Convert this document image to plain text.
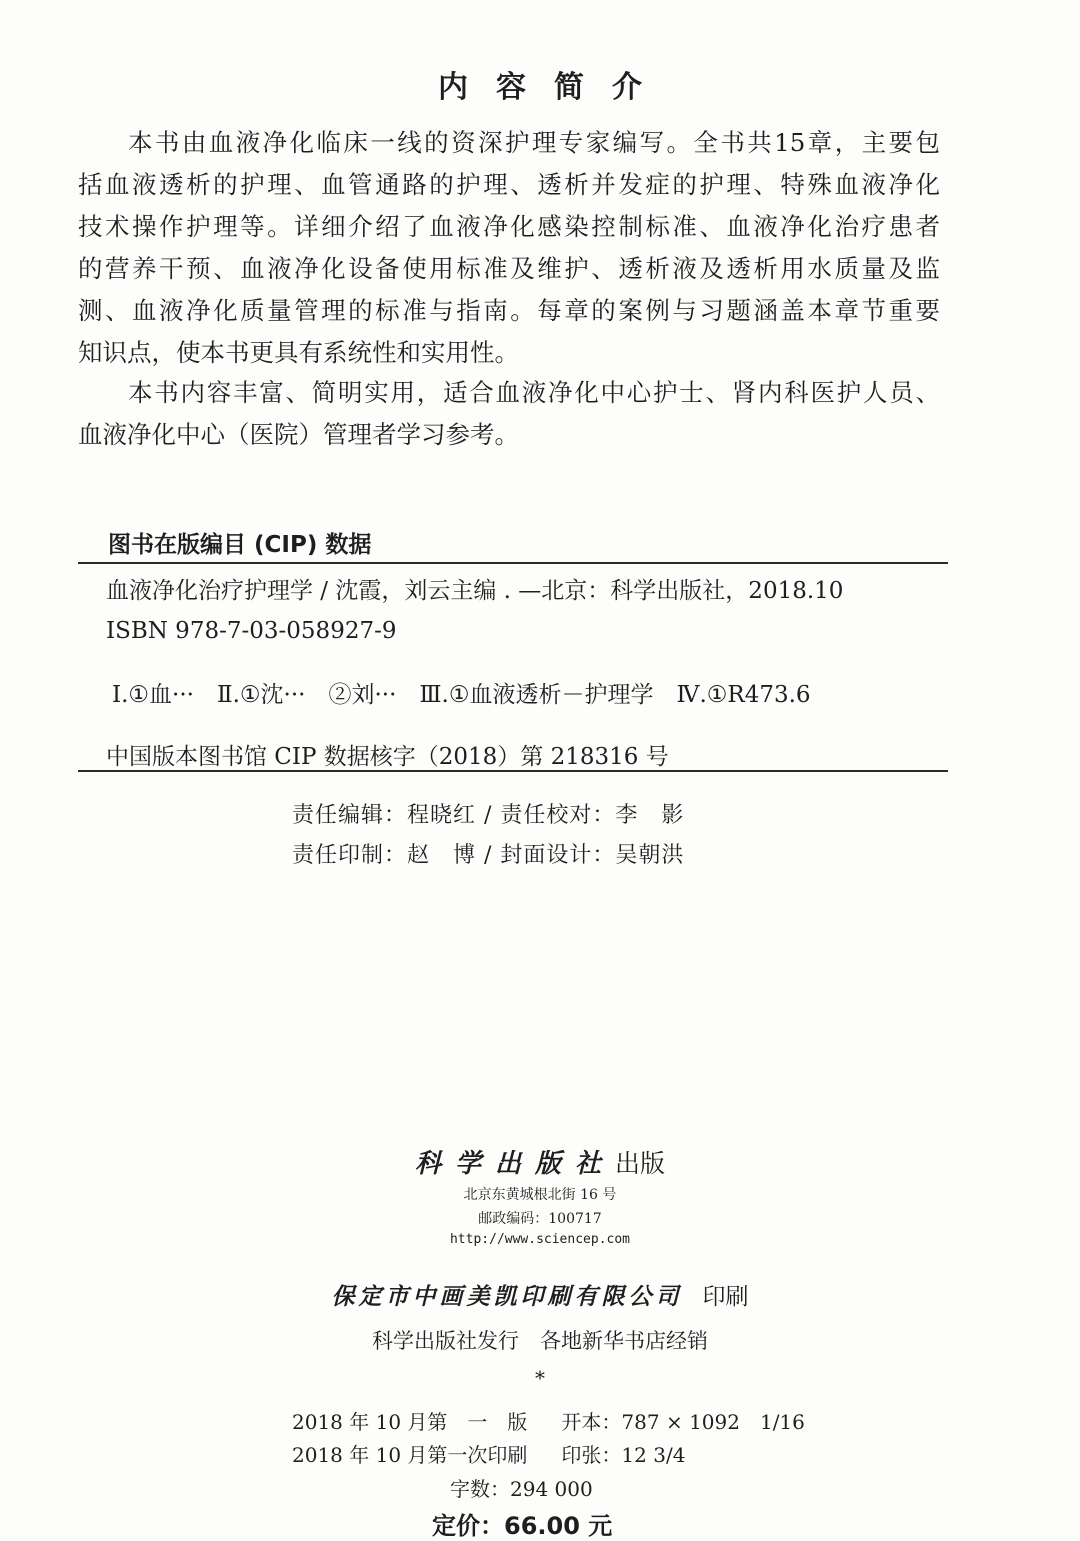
内容简介
本书由血液净化临床一线的资深护理专家编写。全书共15章，主要包
括血液透析的护理、血管通路的护理、透析并发症的护理、特殊血液净化
技术操作护理等。详细介绍了血液净化感染控制标准、血液净化治疗患者
的营养干预、血液净化设备使用标准及维护、透析液及透析用水质量及监
测、血液净化质量管理的标准与指南。每章的案例与习题涵盖本章节重要
知识点，使本书更具有系统性和实用性。
本书内容丰富、简明实用，适合血液净化中心护士、肾内科医护人员、
血液净化中心（医院）管理者学习参考。
图书在版编目 (CIP) 数据
血液净化治疗护理学 / 沈霞，刘云主编 . —北京：科学出版社，2018.10
ISBN 978-7-03-058927-9
Ⅰ.①血···　Ⅱ.①沈···　②刘···　Ⅲ.①血液透析－护理学　Ⅳ.①R473.6
中国版本图书馆 CIP 数据核字（2018）第 218316 号
责任编辑：程晓红 / 责任校对：李　影
责任印制：赵　博 / 封面设计：吴朝洪
科学出版社出版
北京东黄城根北街 16 号
邮政编码：100717
http://www.sciencep.com
保定市中画美凯印刷有限公司 印刷
科学出版社发行　各地新华书店经销
*
2018 年 10 月第　一　版 开本：787 × 1092　1/16
2018 年 10 月第一次印刷 印张：12 3/4
字数：294 000
定价：66.00 元
